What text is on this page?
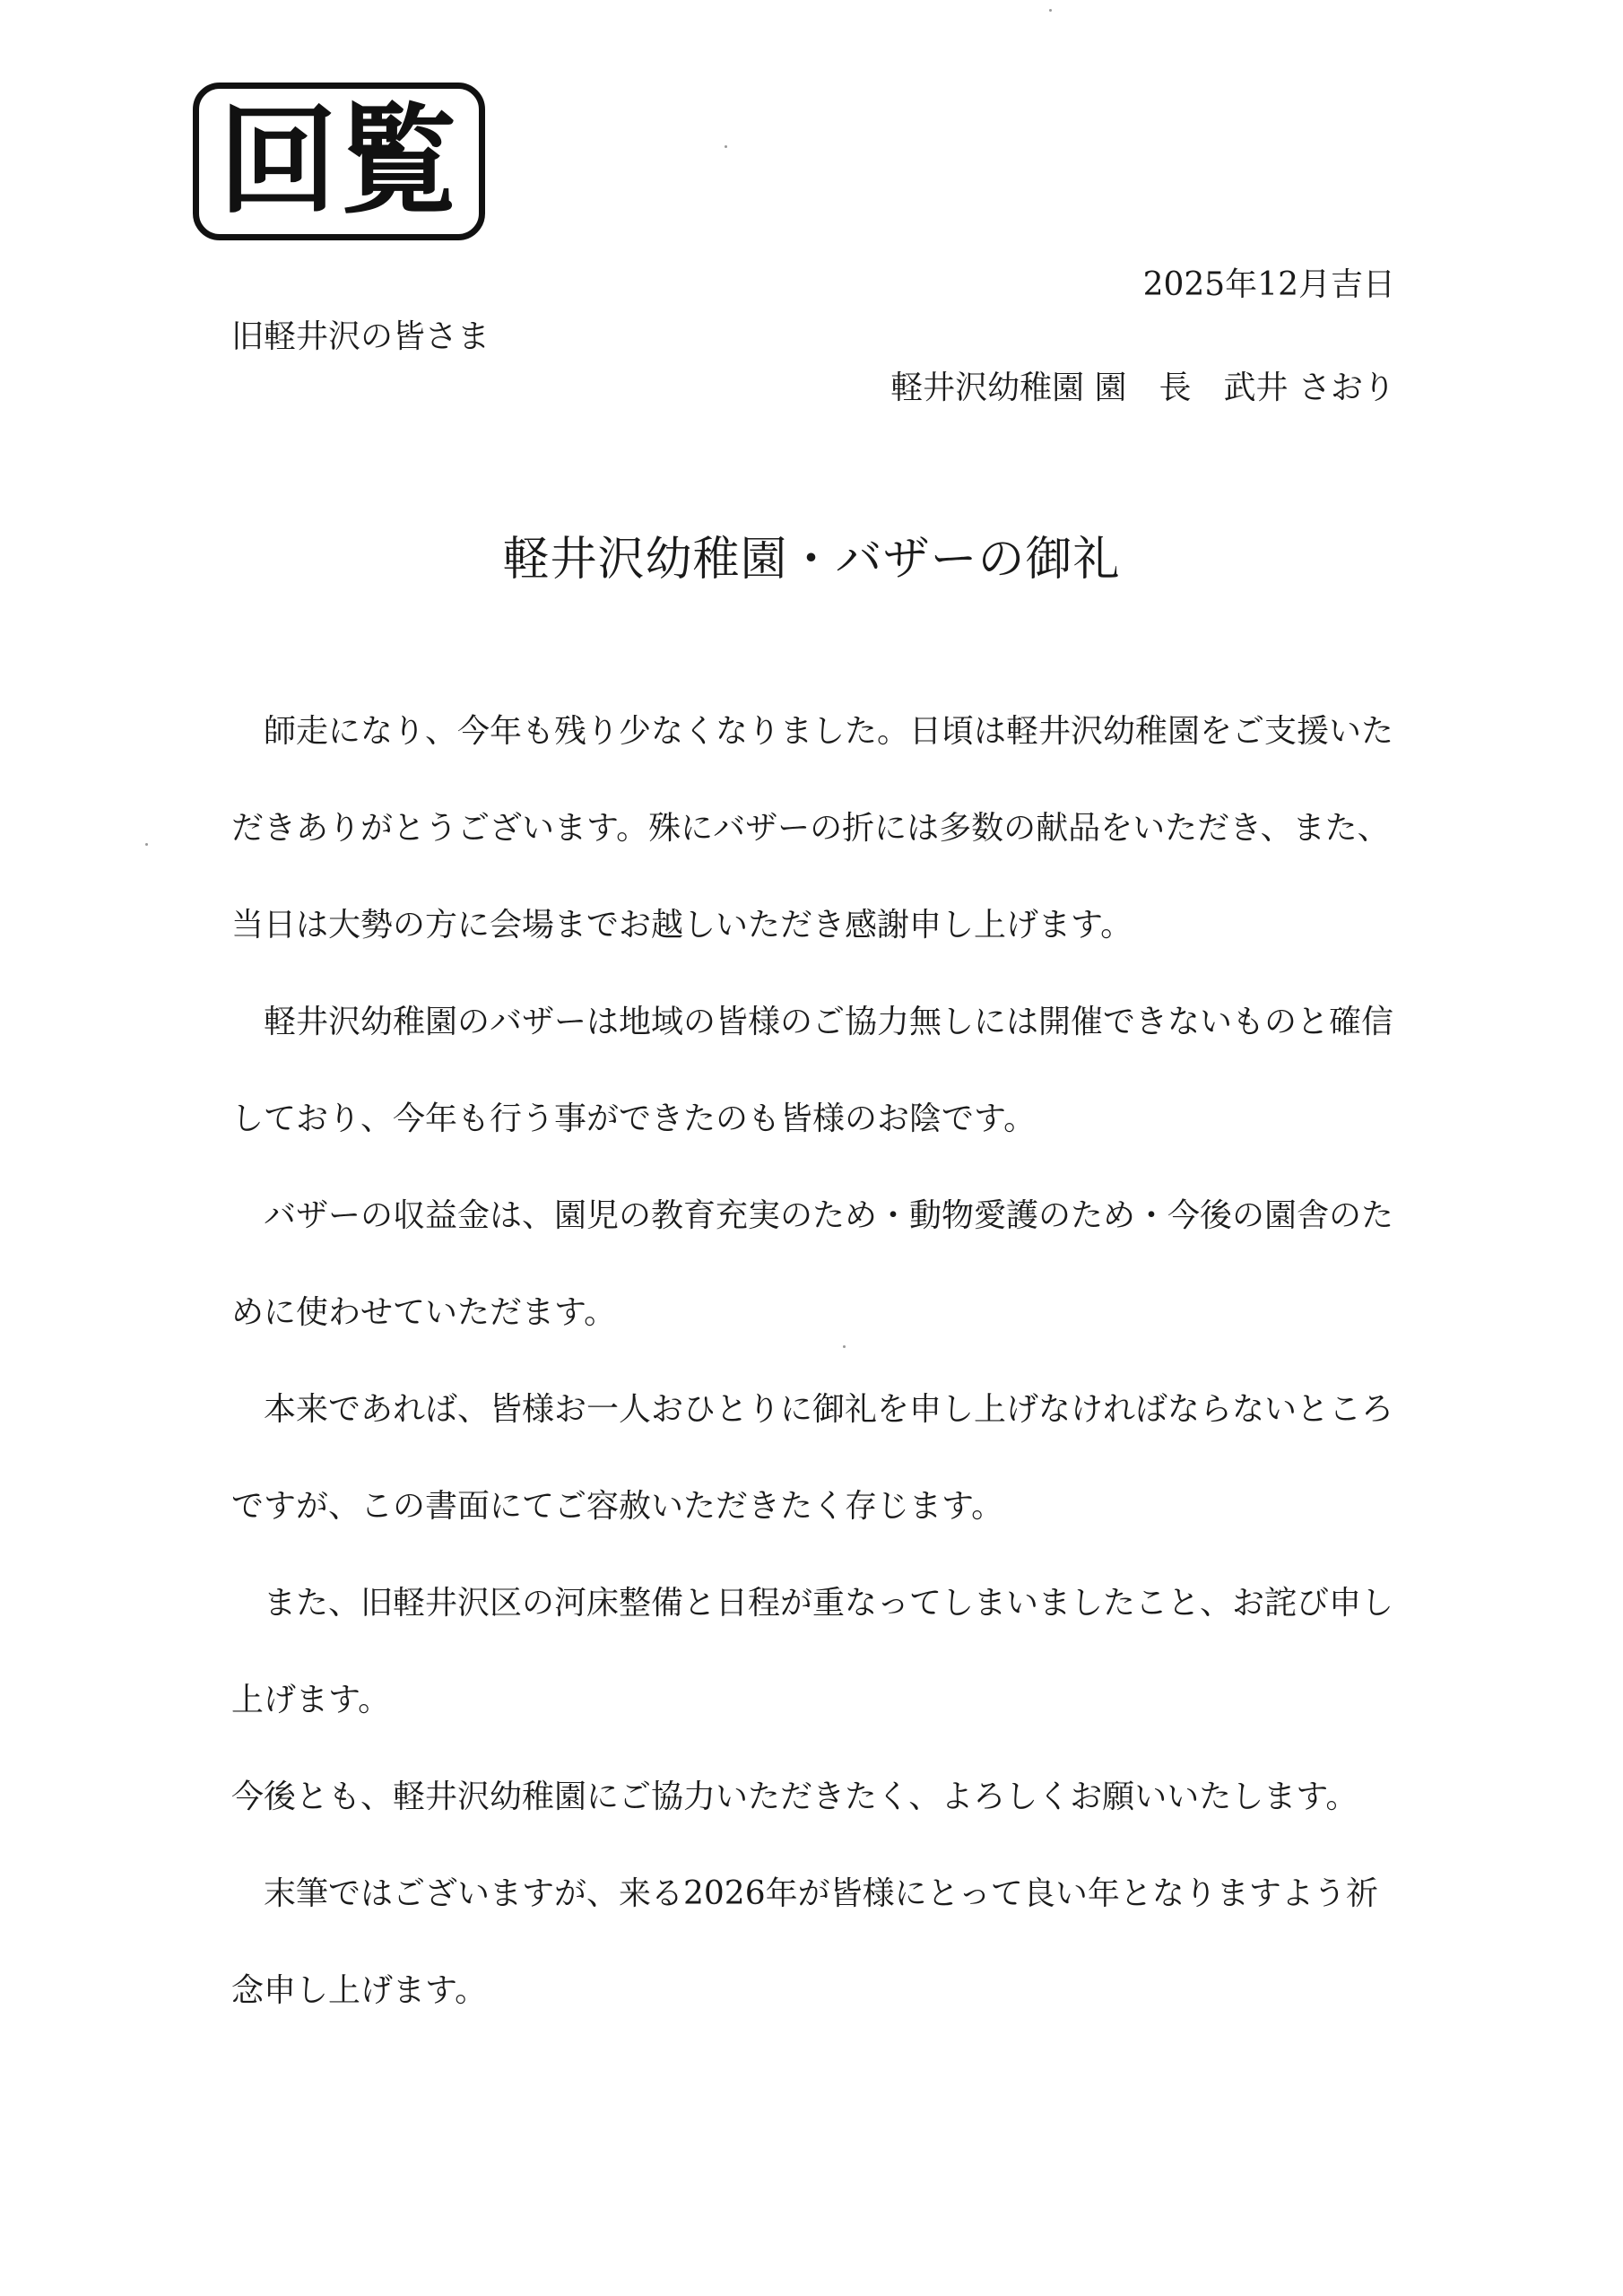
回覧
2025年12月吉日
旧軽井沢の皆さま
軽井沢幼稚園 園　長　武井 さおり
軽井沢幼稚園・バザーの御礼

師走になり、今年も残り少なくなりました。日頃は軽井沢幼稚園をご支援いただきありがとうございます。殊にバザーの折には多数の献品をいただき、また、当日は大勢の方に会場までお越しいただき感謝申し上げます。

軽井沢幼稚園のバザーは地域の皆様のご協力無しには開催できないものと確信しており、今年も行う事ができたのも皆様のお陰です。

バザーの収益金は、園児の教育充実のため・動物愛護のため・今後の園舎のために使わせていただます。

本来であれば、皆様お一人おひとりに御礼を申し上げなければならないところですが、この書面にてご容赦いただきたく存じます。

また、旧軽井沢区の河床整備と日程が重なってしまいましたこと、お詫び申し上げます。

今後とも、軽井沢幼稚園にご協力いただきたく、よろしくお願いいたします。

末筆ではございますが、来る2026年が皆様にとって良い年となりますよう祈念申し上げます。
